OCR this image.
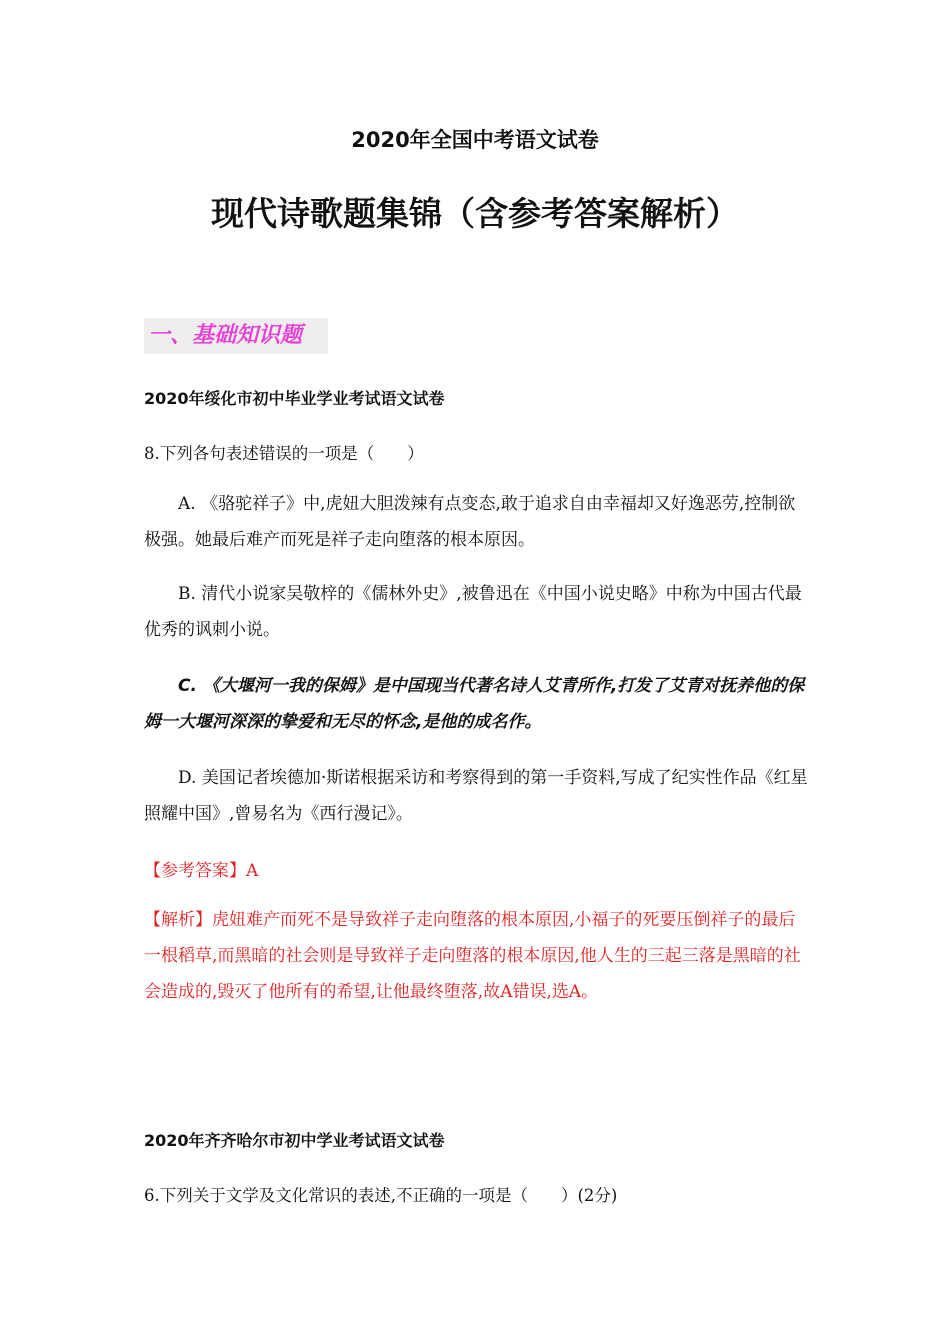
2020年全国中考语文试卷
现代诗歌题集锦（含参考答案解析）
一、基础知识题
2020年绥化市初中毕业学业考试语文试卷
8.下列各句表述错误的一项是（　　）
A. 《骆驼祥子》中,虎妞大胆泼辣有点变态,敢于追求自由幸福却又好逸恶劳,控制欲极强。她最后难产而死是祥子走向堕落的根本原因。
B. 清代小说家吴敬梓的《儒林外史》,被鲁迅在《中国小说史略》中称为中国古代最优秀的讽刺小说。
C. 《大堰河一我的保姆》是中国现当代著名诗人艾青所作,打发了艾青对抚养他的保姆一大堰河深深的挚爱和无尽的怀念,是他的成名作。
D. 美国记者埃德加·斯诺根据采访和考察得到的第一手资料,写成了纪实性作品《红星照耀中国》,曾易名为《西行漫记》。
【参考答案】A
【解析】虎妞难产而死不是导致祥子走向堕落的根本原因,小福子的死要压倒祥子的最后一根稻草,而黑暗的社会则是导致祥子走向堕落的根本原因,他人生的三起三落是黑暗的社会造成的,毁灭了他所有的希望,让他最终堕落,故A错误,选A。
2020年齐齐哈尔市初中学业考试语文试卷
6.下列关于文学及文化常识的表述,不正确的一项是（　　）(2分)
